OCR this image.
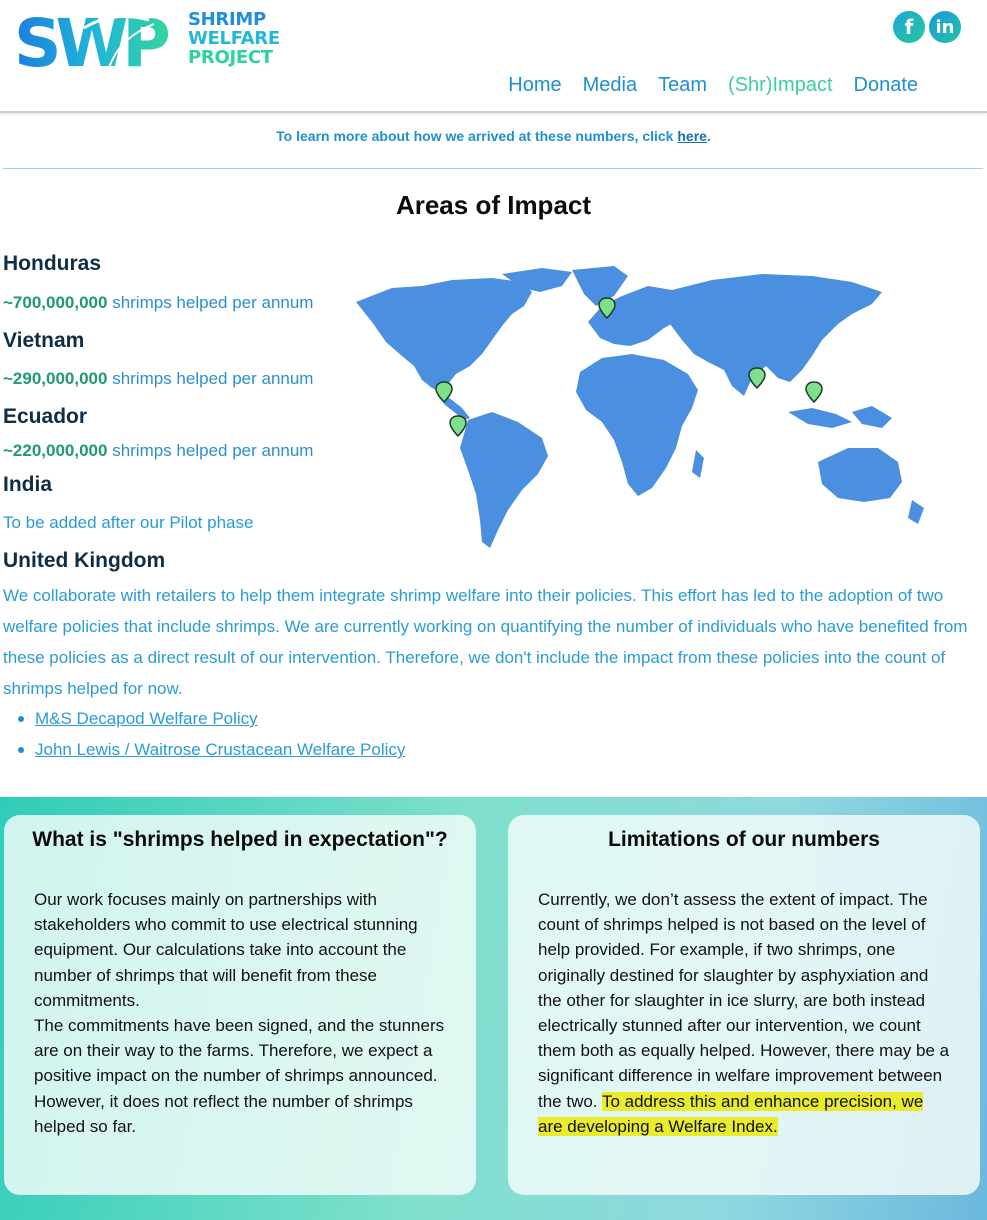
SWP SHRIMP
WELFARE
PROJECT
f	in
Home Media Team (Shr)Impact Donate
To learn more about how we arrived at these numbers, click here.
Areas of Impact
Honduras
~700,000,000 shrimps helped per annum
Vietnam
~290,000,000 shrimps helped per annum
Ecuador
~220,000,000 shrimps helped per annum
India
To be added after our Pilot phase
United Kingdom

We collaborate with retailers to help them integrate shrimp welfare into their policies. This effort has led to the adoption of two welfare policies that include shrimps. We are currently working on quantifying the number of individuals who have benefited from these policies as a direct result of our intervention. Therefore, we don't include the impact from these policies into the count of shrimps helped for now.

M&S Decapod Welfare Policy
John Lewis / Waitrose Crustacean Welfare Policy
What is "shrimps helped in expectation"?
Our work focuses mainly on partnerships with stakeholders who commit to use electrical stunning equipment. Our calculations take into account the number of shrimps that will benefit from these commitments.
The commitments have been signed, and the stunners are on their way to the farms. Therefore, we expect a positive impact on the number of shrimps announced.
However, it does not reflect the number of shrimps helped so far.
Limitations of our numbers
Currently, we don’t assess the extent of impact. The count of shrimps helped is not based on the level of help provided. For example, if two shrimps, one originally destined for slaughter by asphyxiation and the other for slaughter in ice slurry, are both instead electrically stunned after our intervention, we count them both as equally helped. However, there may be a significant difference in welfare improvement between the two. To address this and enhance precision, we are developing a Welfare Index.
